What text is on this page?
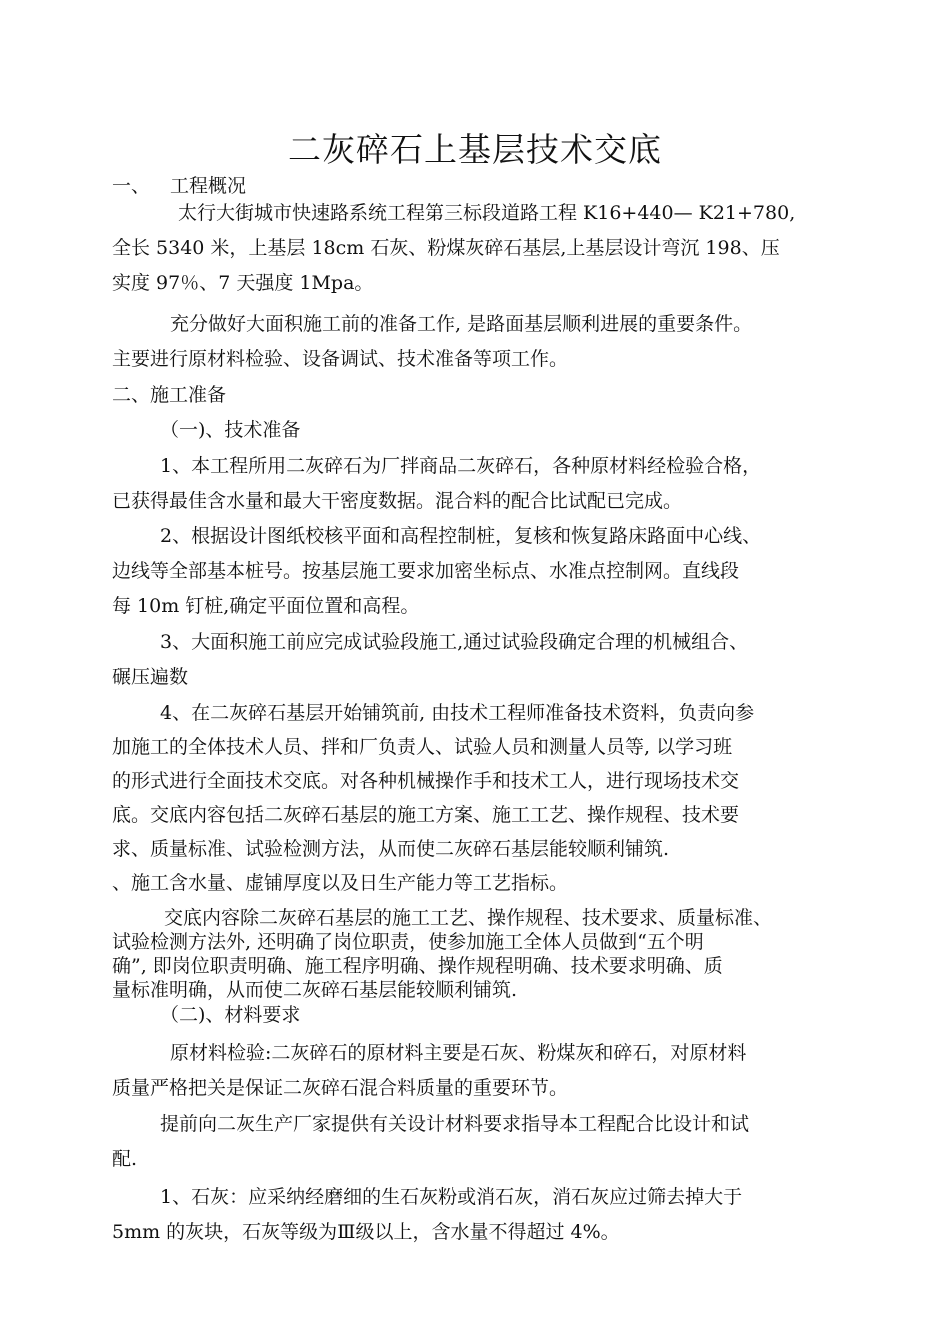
二灰碎石上基层技术交底
一、 工程概况
太行大街城市快速路系统工程第三标段道路工程 K16+440— K21+780,
全长 5340 米，上基层 18cm 石灰、粉煤灰碎石基层,上基层设计弯沉 198、压
实度 97％、7 天强度 1Mpa。
充分做好大面积施工前的准备工作, 是路面基层顺利进展的重要条件。
主要进行原材料检验、设备调试、技术准备等项工作。
二、施工准备
（一)、技术准备
1、本工程所用二灰碎石为厂拌商品二灰碎石，各种原材料经检验合格，
已获得最佳含水量和最大干密度数据。混合料的配合比试配已完成。
2、根据设计图纸校核平面和高程控制桩，复核和恢复路床路面中心线、
边线等全部基本桩号。按基层施工要求加密坐标点、水准点控制网。直线段
每 10m 钉桩,确定平面位置和高程。
3、大面积施工前应完成试验段施工,通过试验段确定合理的机械组合、
碾压遍数
4、在二灰碎石基层开始铺筑前, 由技术工程师准备技术资料，负责向参
加施工的全体技术人员、拌和厂负责人、试验人员和测量人员等, 以学习班
的形式进行全面技术交底。对各种机械操作手和技术工人，进行现场技术交
底。交底内容包括二灰碎石基层的施工方案、施工工艺、操作规程、技术要
求、质量标准、试验检测方法，从而使二灰碎石基层能较顺利铺筑.
、施工含水量、虚铺厚度以及日生产能力等工艺指标。
交底内容除二灰碎石基层的施工工艺、操作规程、技术要求、质量标准、
试验检测方法外, 还明确了岗位职责，使参加施工全体人员做到“五个明
确”, 即岗位职责明确、施工程序明确、操作规程明确、技术要求明确、质
量标准明确，从而使二灰碎石基层能较顺利铺筑.
（二)、材料要求
原材料检验:二灰碎石的原材料主要是石灰、粉煤灰和碎石，对原材料
质量严格把关是保证二灰碎石混合料质量的重要环节。
提前向二灰生产厂家提供有关设计材料要求指导本工程配合比设计和试
配.
1、石灰：应采纳经磨细的生石灰粉或消石灰，消石灰应过筛去掉大于
5mm 的灰块，石灰等级为Ⅲ级以上，含水量不得超过 4%。
